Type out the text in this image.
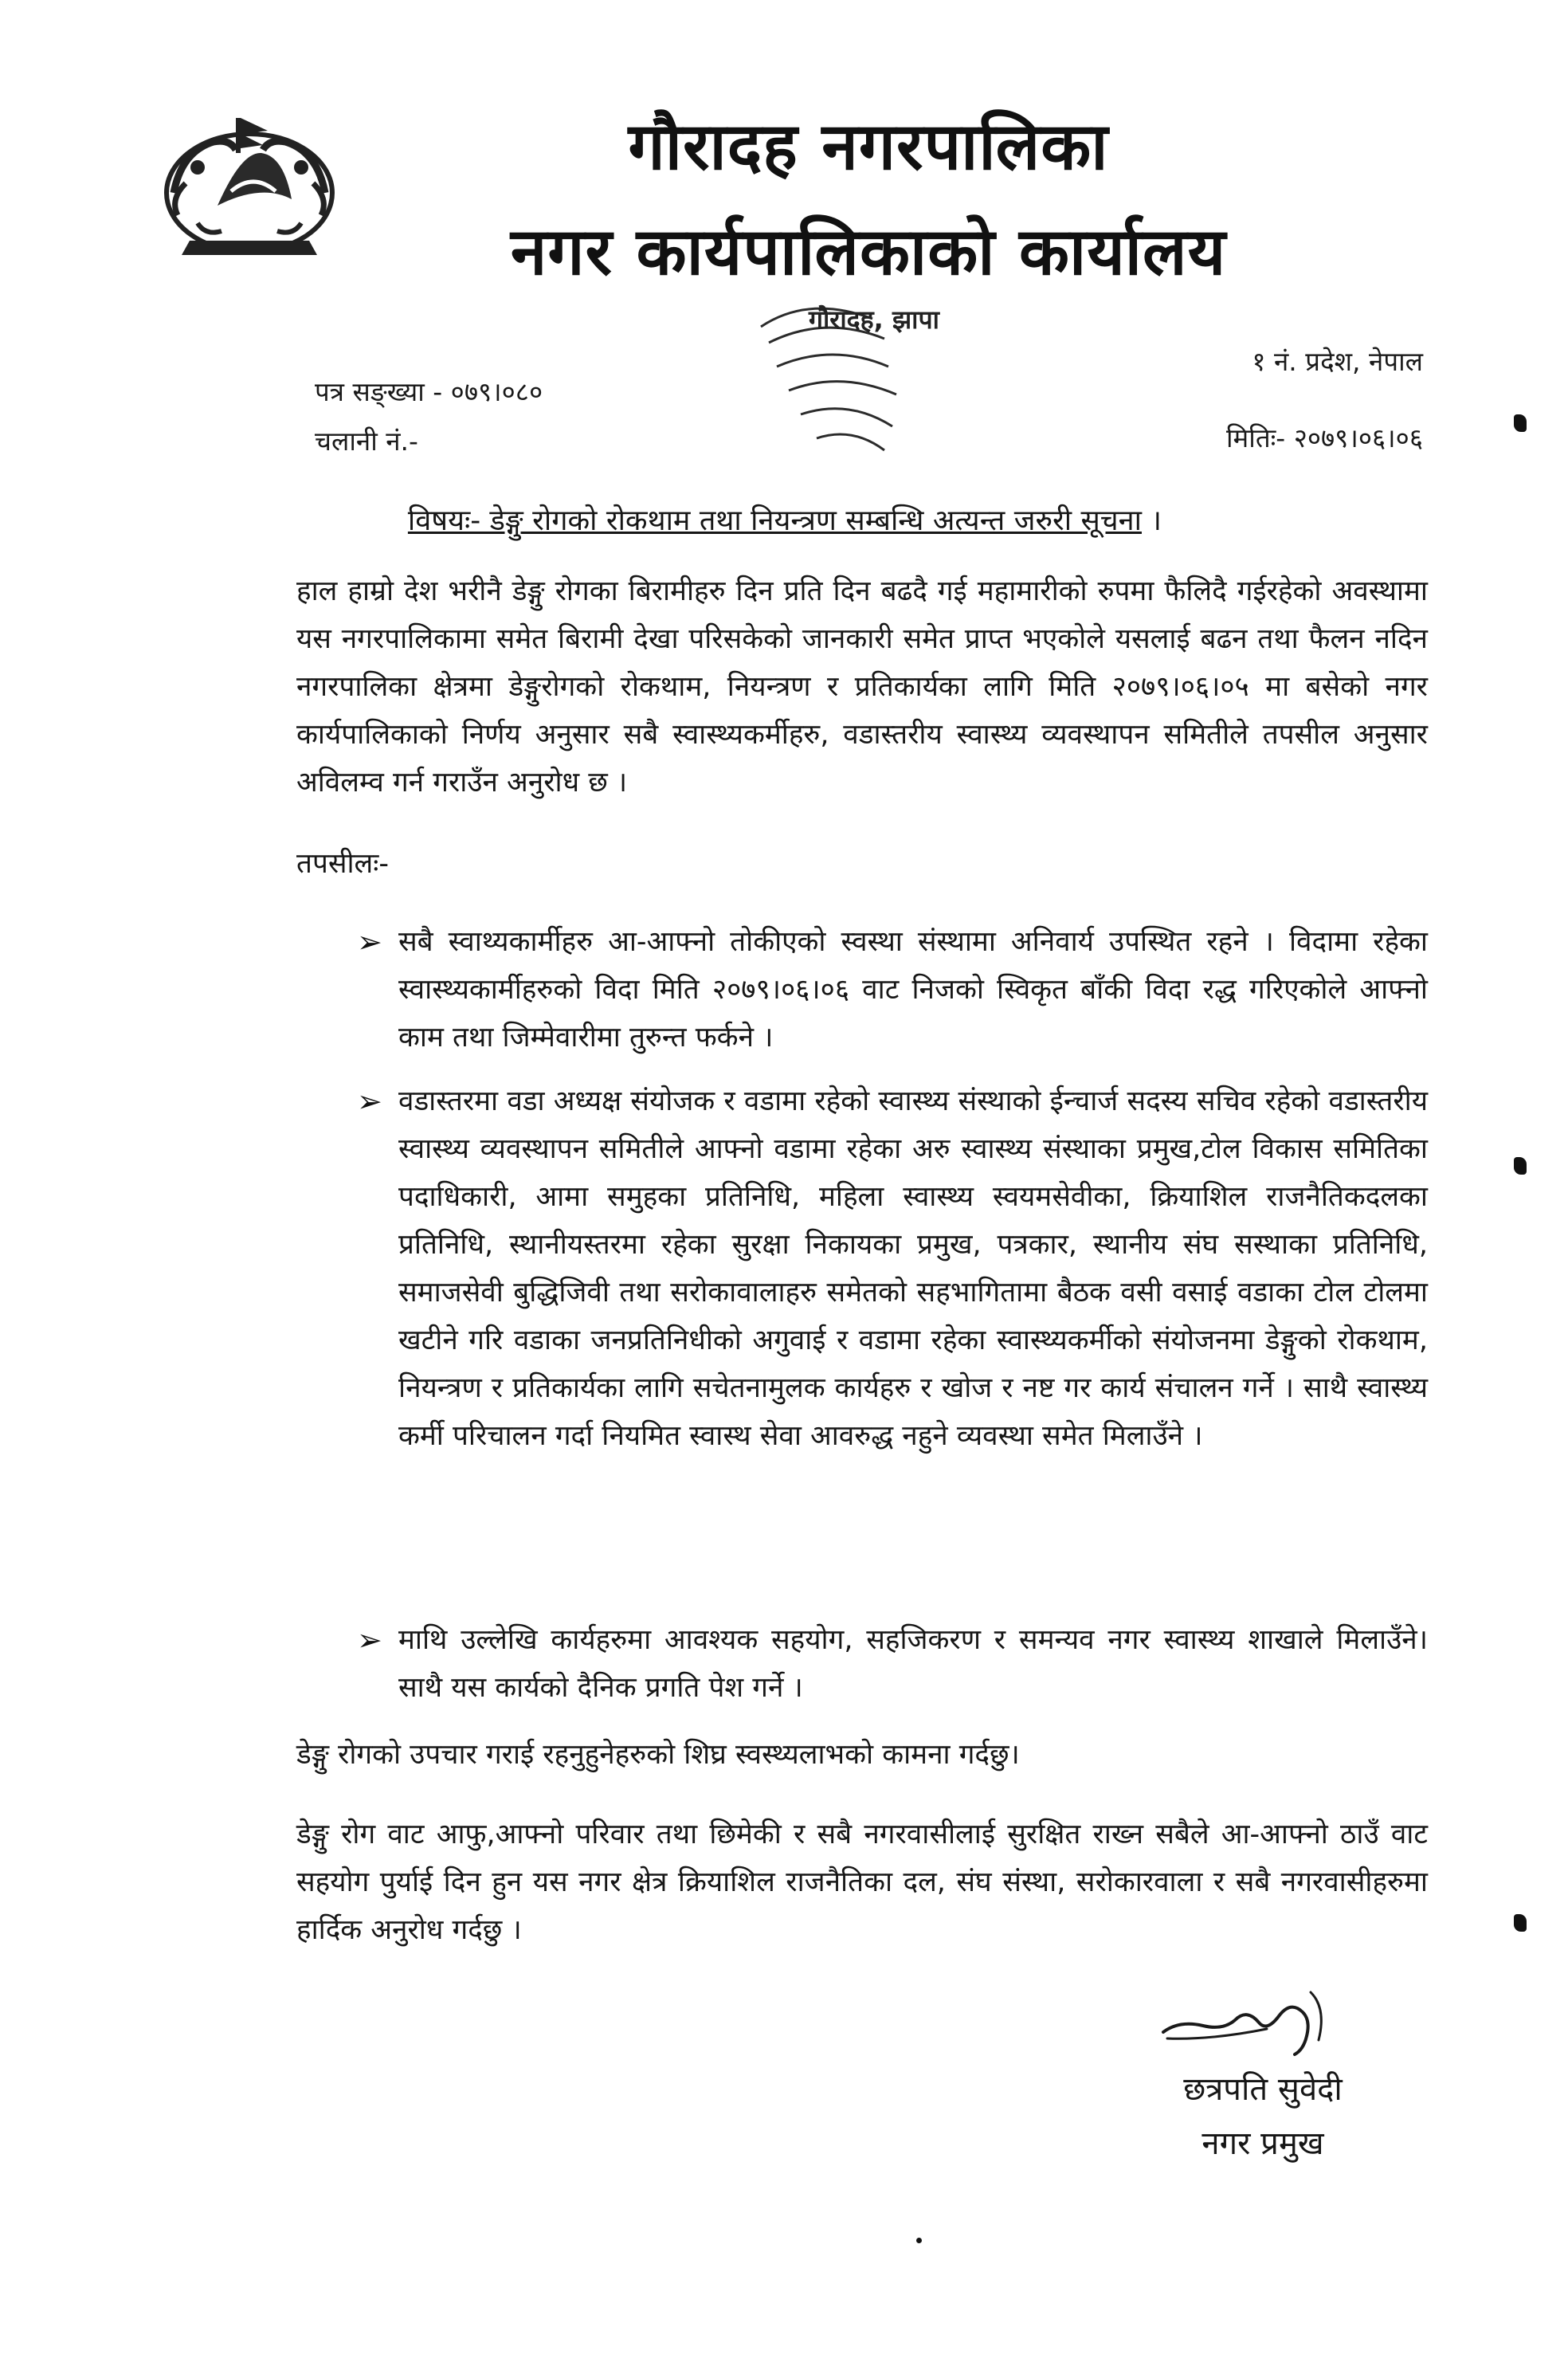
गौरादह नगरपालिका
नगर कार्यपालिकाको कार्यालय
गौरादह, झापा
१ नं. प्रदेश, नेपाल
पत्र सङ्ख्या - ०७९।०८०
चलानी नं.-	मितिः- २०७९।०६।०६
विषयः- डेङ्गु रोगको रोकथाम तथा नियन्त्रण सम्बन्धि अत्यन्त जरुरी सूचना ।
हाल हाम्रो देश भरीनै डेङ्गु रोगका बिरामीहरु दिन प्रति दिन बढदै गई महामारीको रुपमा फैलिदै गईरहेको अवस्थामा यस नगरपालिकामा समेत बिरामी देखा परिसकेको जानकारी समेत प्राप्त भएकोले यसलाई बढन तथा फैलन नदिन नगरपालिका क्षेत्रमा डेङ्गुरोगको रोकथाम, नियन्त्रण र प्रतिकार्यका लागि मिति २०७९।०६।०५ मा बसेको नगर कार्यपालिकाको निर्णय अनुसार सबै स्वास्थ्यकर्मीहरु, वडास्तरीय स्वास्थ्य व्यवस्थापन समितीले तपसील अनुसार अविलम्व गर्न गराउँन अनुरोध छ ।
तपसीलः-
➢ सबै स्वाथ्यकार्मीहरु आ-आफ्नो तोकीएको स्वस्था संस्थामा अनिवार्य उपस्थित रहने । विदामा रहेका स्वास्थ्यकार्मीहरुको विदा मिति २०७९।०६।०६ वाट निजको स्विकृत बाँकी विदा रद्ध गरिएकोले आफ्नो काम तथा जिम्मेवारीमा तुरुन्त फर्कने ।
➢ वडास्तरमा वडा अध्यक्ष संयोजक र वडामा रहेको स्वास्थ्य संस्थाको ईन्चार्ज सदस्य सचिव रहेको वडास्तरीय स्वास्थ्य व्यवस्थापन समितीले आफ्नो वडामा रहेका अरु स्वास्थ्य संस्थाका प्रमुख,टोल विकास समितिका पदाधिकारी, आमा समुहका प्रतिनिधि, महिला स्वास्थ्य स्वयमसेवीका, क्रियाशिल राजनैतिकदलका प्रतिनिधि, स्थानीयस्तरमा रहेका सुरक्षा निकायका प्रमुख, पत्रकार, स्थानीय संघ सस्थाका प्रतिनिधि, समाजसेवी बुद्धिजिवी तथा सरोकावालाहरु समेतको सहभागितामा बैठक वसी वसाई वडाका टोल टोलमा खटीने गरि वडाका जनप्रतिनिधीको अगुवाई र वडामा रहेका स्वास्थ्यकर्मीको संयोजनमा डेङ्गुको रोकथाम, नियन्त्रण र प्रतिकार्यका लागि सचेतनामुलक कार्यहरु र खोज र नष्ट गर कार्य संचालन गर्ने । साथै स्वास्थ्य कर्मी परिचालन गर्दा नियमित स्वास्थ सेवा आवरुद्ध नहुने व्यवस्था समेत मिलाउँने ।
➢ माथि उल्लेखि कार्यहरुमा आवश्यक सहयोग, सहजिकरण र समन्यव नगर स्वास्थ्य शाखाले मिलाउँने। साथै यस कार्यको दैनिक प्रगति पेश गर्ने ।
डेङ्गु रोगको उपचार गराई रहनुहुनेहरुको शिघ्र स्वस्थ्यलाभको कामना गर्दछु।
डेङ्गु रोग वाट आफु,आफ्नो परिवार तथा छिमेकी र सबै नगरवासीलाई सुरक्षित राख्न सबैले आ-आफ्नो ठाउँ वाट सहयोग पुर्याई दिन हुन यस नगर क्षेत्र क्रियाशिल राजनैतिका दल, संघ संस्था, सरोकारवाला र सबै नगरवासीहरुमा हार्दिक अनुरोध गर्दछु ।
छत्रपति सुवेदी
नगर प्रमुख
